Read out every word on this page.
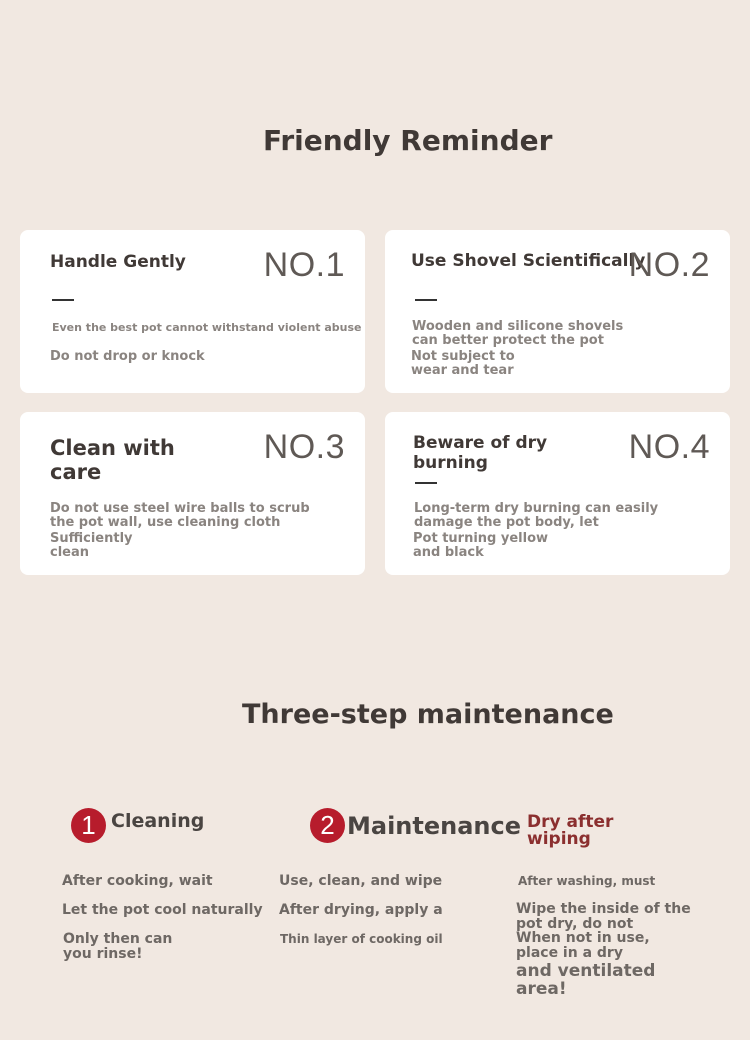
Friendly Reminder
Handle Gently NO.1

Even the best pot cannot withstand violent abuse

Do not drop or knock

Use Shovel Scientifically
NO.2

Wooden and silicone shovels
can better protect the pot

Not subject to
wear and tear

Clean with
care
NO.3

Do not use steel wire balls to scrub
the pot wall, use cleaning cloth

Sufficiently
clean

Beware of dry
burning	NO.4

Long-term dry burning can easily
damage the pot body, let

Pot turning yellow
and black

Three-step maintenance
1 Cleaning

After cooking, wait

Let the pot cool naturally

Only then can
you rinse!

2 Maintenance

Use, clean, and wipe

After drying, apply a

Thin layer of cooking oil

Dry after
wiping

After washing, must

Wipe the inside of the
pot dry, do not

When not in use,
place in a dry

and ventilated
area!
